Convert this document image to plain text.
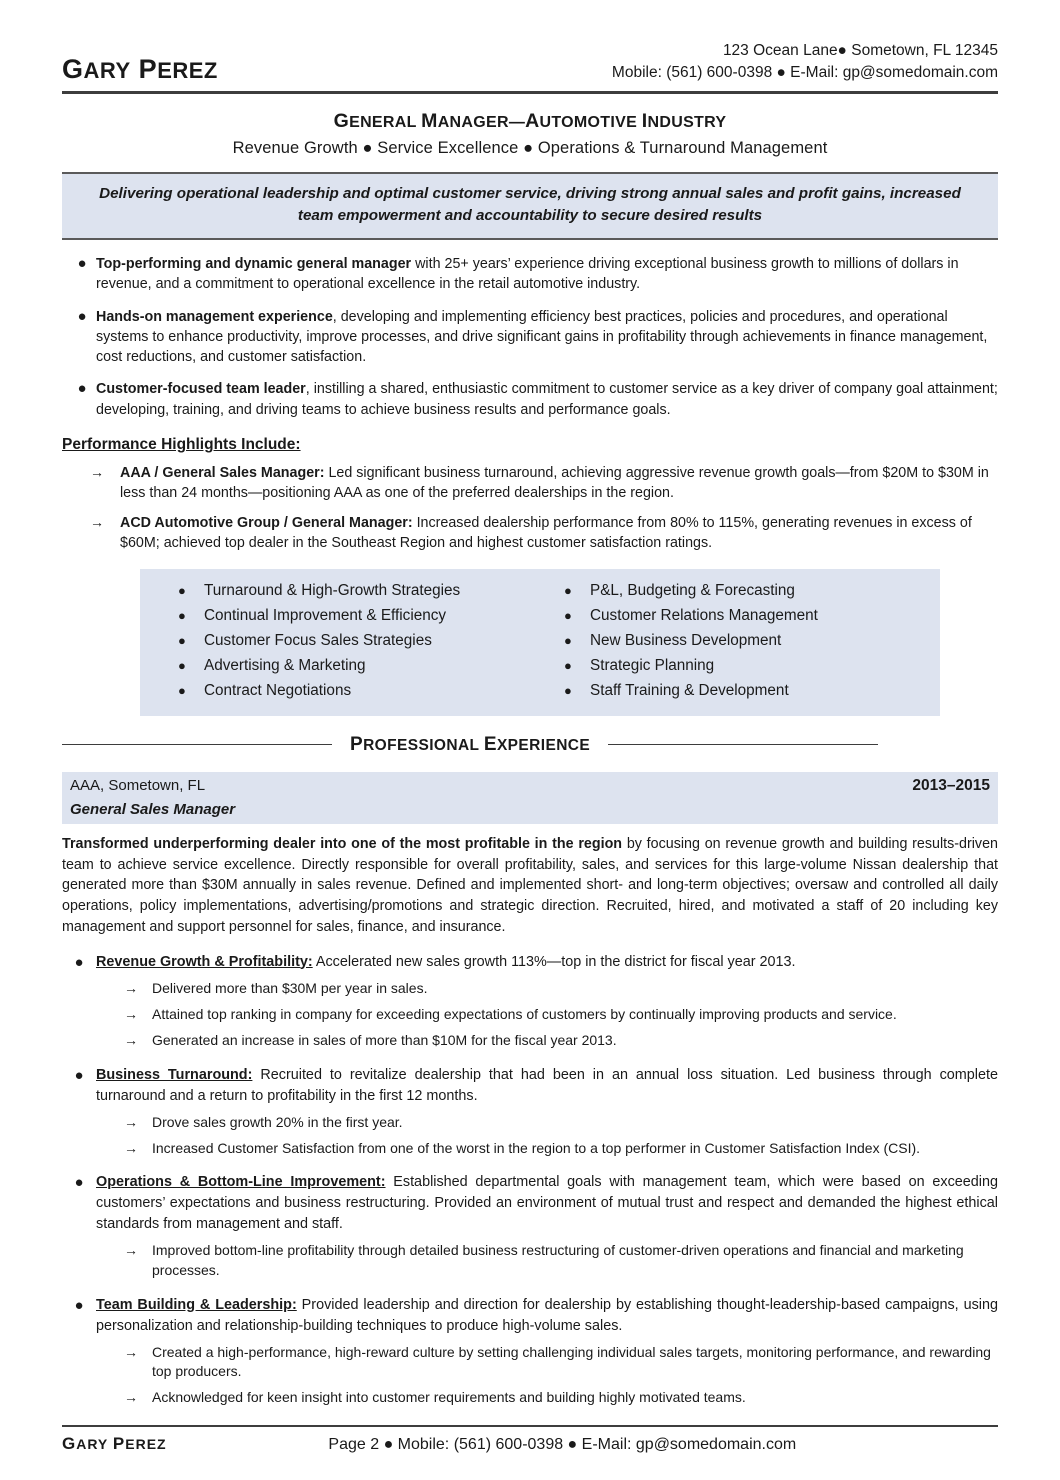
GARY PEREZ
123 Ocean Lane● Sometown, FL 12345
Mobile: (561) 600-0398 ● E-Mail: gp@somedomain.com
GENERAL MANAGER—AUTOMOTIVE INDUSTRY
Revenue Growth ● Service Excellence ● Operations & Turnaround Management
Delivering operational leadership and optimal customer service, driving strong annual sales and profit gains, increased team empowerment and accountability to secure desired results
● Top-performing and dynamic general manager with 25+ years’ experience driving exceptional business growth to millions of dollars in revenue, and a commitment to operational excellence in the retail automotive industry.
● Hands-on management experience, developing and implementing efficiency best practices, policies and procedures, and operational systems to enhance productivity, improve processes, and drive significant gains in profitability through achievements in finance management, cost reductions, and customer satisfaction.
● Customer-focused team leader, instilling a shared, enthusiastic commitment to customer service as a key driver of company goal attainment; developing, training, and driving teams to achieve business results and performance goals.
Performance Highlights Include:
→	AAA / General Sales Manager: Led significant business turnaround, achieving aggressive revenue growth goals—from $20M to $30M in less than 24 months—positioning AAA as one of the preferred dealerships in the region.
→	ACD Automotive Group / General Manager: Increased dealership performance from 80% to 115%, generating revenues in excess of $60M; achieved top dealer in the Southeast Region and highest customer satisfaction ratings.
●	Turnaround & High-Growth Strategies
●	Continual Improvement & Efficiency
●	Customer Focus Sales Strategies
●	Advertising & Marketing
●	Contract Negotiations
●	P&L, Budgeting & Forecasting
●	Customer Relations Management
●	New Business Development
●	Strategic Planning
●	Staff Training & Development
PROFESSIONAL EXPERIENCE
AAA, Sometown, FL	2013–2015
General Sales Manager
Transformed underperforming dealer into one of the most profitable in the region by focusing on revenue growth and building results-driven team to achieve service excellence. Directly responsible for overall profitability, sales, and services for this large-volume Nissan dealership that generated more than $30M annually in sales revenue. Defined and implemented short- and long-term objectives; oversaw and controlled all daily operations, policy implementations, advertising/promotions and strategic direction. Recruited, hired, and motivated a staff of 20 including key management and support personnel for sales, finance, and insurance.
● Revenue Growth & Profitability: Accelerated new sales growth 113%—top in the district for fiscal year 2013.
→	Delivered more than $30M per year in sales.
→	Attained top ranking in company for exceeding expectations of customers by continually improving products and service.
→	Generated an increase in sales of more than $10M for the fiscal year 2013.
● Business Turnaround: Recruited to revitalize dealership that had been in an annual loss situation. Led business through complete turnaround and a return to profitability in the first 12 months.
→	Drove sales growth 20% in the first year.
→	Increased Customer Satisfaction from one of the worst in the region to a top performer in Customer Satisfaction Index (CSI).
● Operations & Bottom-Line Improvement: Established departmental goals with management team, which were based on exceeding customers’ expectations and business restructuring. Provided an environment of mutual trust and respect and demanded the highest ethical standards from management and staff.
→	Improved bottom-line profitability through detailed business restructuring of customer-driven operations and financial and marketing processes.
● Team Building & Leadership: Provided leadership and direction for dealership by establishing thought-leadership-based campaigns, using personalization and relationship-building techniques to produce high-volume sales.
→	Created a high-performance, high-reward culture by setting challenging individual sales targets, monitoring performance, and rewarding top producers.
→	Acknowledged for keen insight into customer requirements and building highly motivated teams.
GARY PEREZ	Page 2 ● Mobile: (561) 600-0398 ● E-Mail: gp@somedomain.com
